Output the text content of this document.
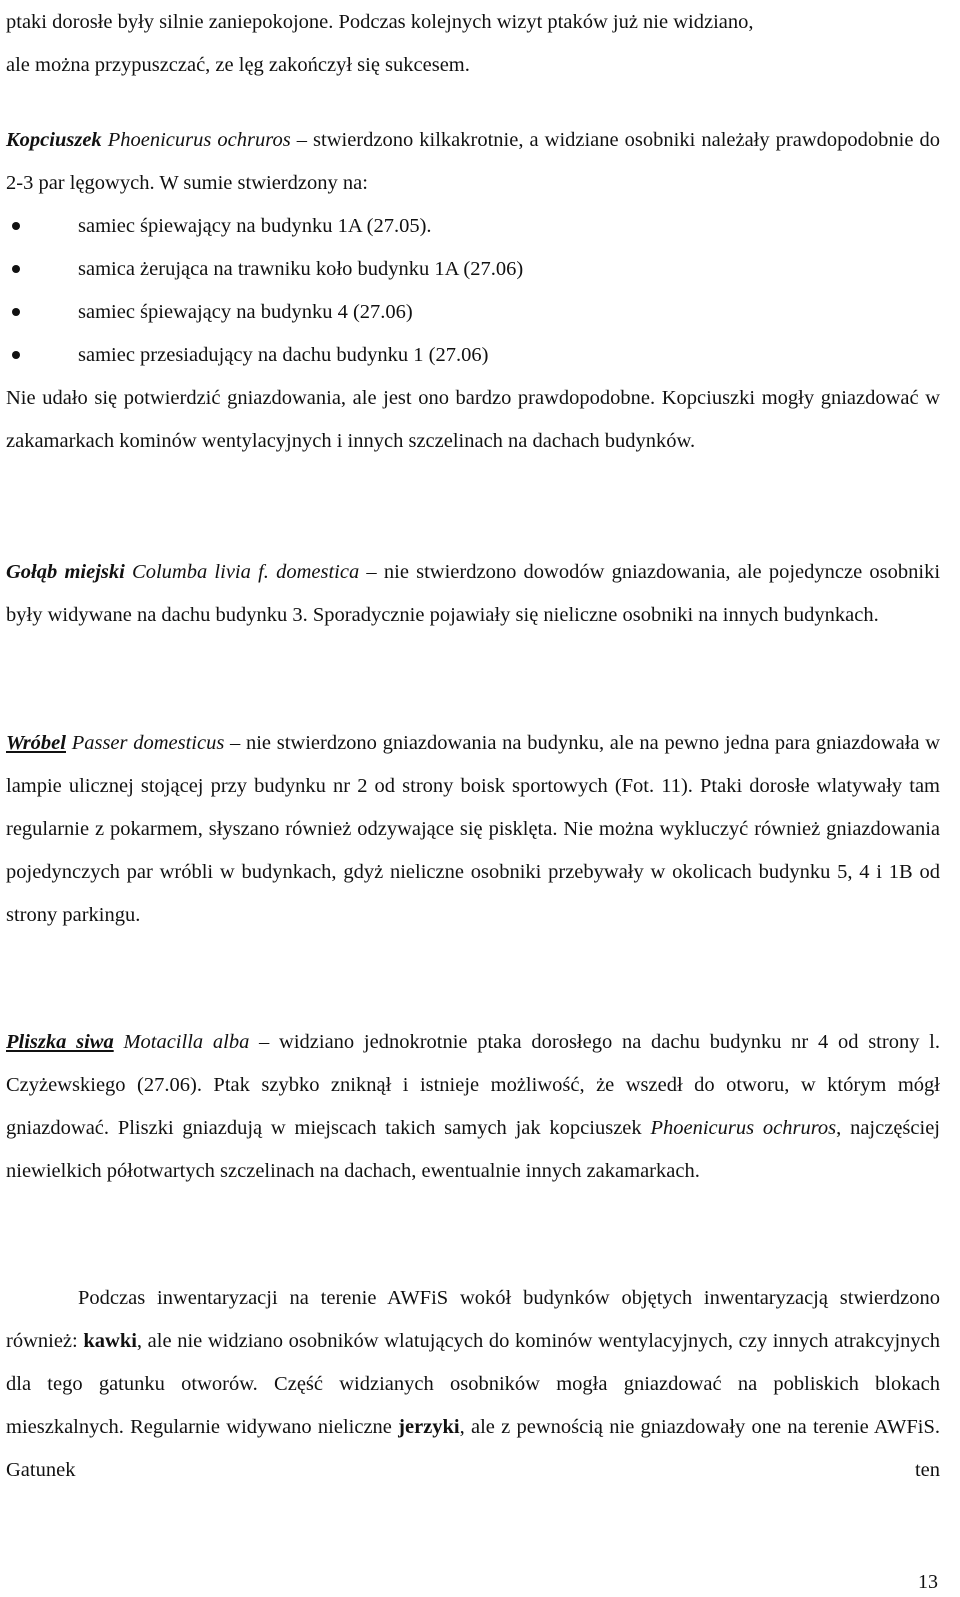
ptaki dorosłe były silnie zaniepokojone. Podczas kolejnych wizyt ptaków już nie widziano,
ale można przypuszczać, ze lęg zakończył się sukcesem.

Kopciuszek Phoenicurus ochruros – stwierdzono kilkakrotnie, a widziane osobniki należały prawdopodobnie do 2-3 par lęgowych. W sumie stwierdzony na:

samiec śpiewający na budynku 1A (27.05).
samica żerująca na trawniku koło budynku 1A (27.06)
samiec śpiewający na budynku 4 (27.06)
samiec przesiadujący na dachu budynku 1 (27.06)

Nie udało się potwierdzić gniazdowania, ale jest ono bardzo prawdopodobne. Kopciuszki mogły gniazdować w zakamarkach kominów wentylacyjnych i innych szczelinach na dachach budynków.

Gołąb miejski Columba livia f. domestica – nie stwierdzono dowodów gniazdowania, ale pojedyncze osobniki były widywane na dachu budynku 3. Sporadycznie pojawiały się nieliczne osobniki na innych budynkach.

Wróbel Passer domesticus – nie stwierdzono gniazdowania na budynku, ale na pewno jedna para gniazdowała w lampie ulicznej stojącej przy budynku nr 2 od strony boisk sportowych (Fot. 11). Ptaki dorosłe wlatywały tam regularnie z pokarmem, słyszano również odzywające się pisklęta. Nie można wykluczyć również gniazdowania pojedynczych par wróbli w budynkach, gdyż nieliczne osobniki przebywały w okolicach budynku 5, 4 i 1B od strony parkingu.

Pliszka siwa Motacilla alba – widziano jednokrotnie ptaka dorosłego na dachu budynku nr 4 od strony l. Czyżewskiego (27.06). Ptak szybko zniknął i istnieje możliwość, że wszedł do otworu, w którym mógł gniazdować. Pliszki gniazdują w miejscach takich samych jak kopciuszek Phoenicurus ochruros, najczęściej niewielkich półotwartych szczelinach na dachach, ewentualnie innych zakamarkach.

Podczas inwentaryzacji na terenie AWFiS wokół budynków objętych inwentaryzacją stwierdzono również: kawki, ale nie widziano osobników wlatujących do kominów wentylacyjnych, czy innych atrakcyjnych dla tego gatunku otworów. Część widzianych osobników mogła gniazdować na pobliskich blokach mieszkalnych. Regularnie widywano nieliczne jerzyki, ale z pewnością nie gniazdowały one na terenie AWFiS. Gatunek ten

13
